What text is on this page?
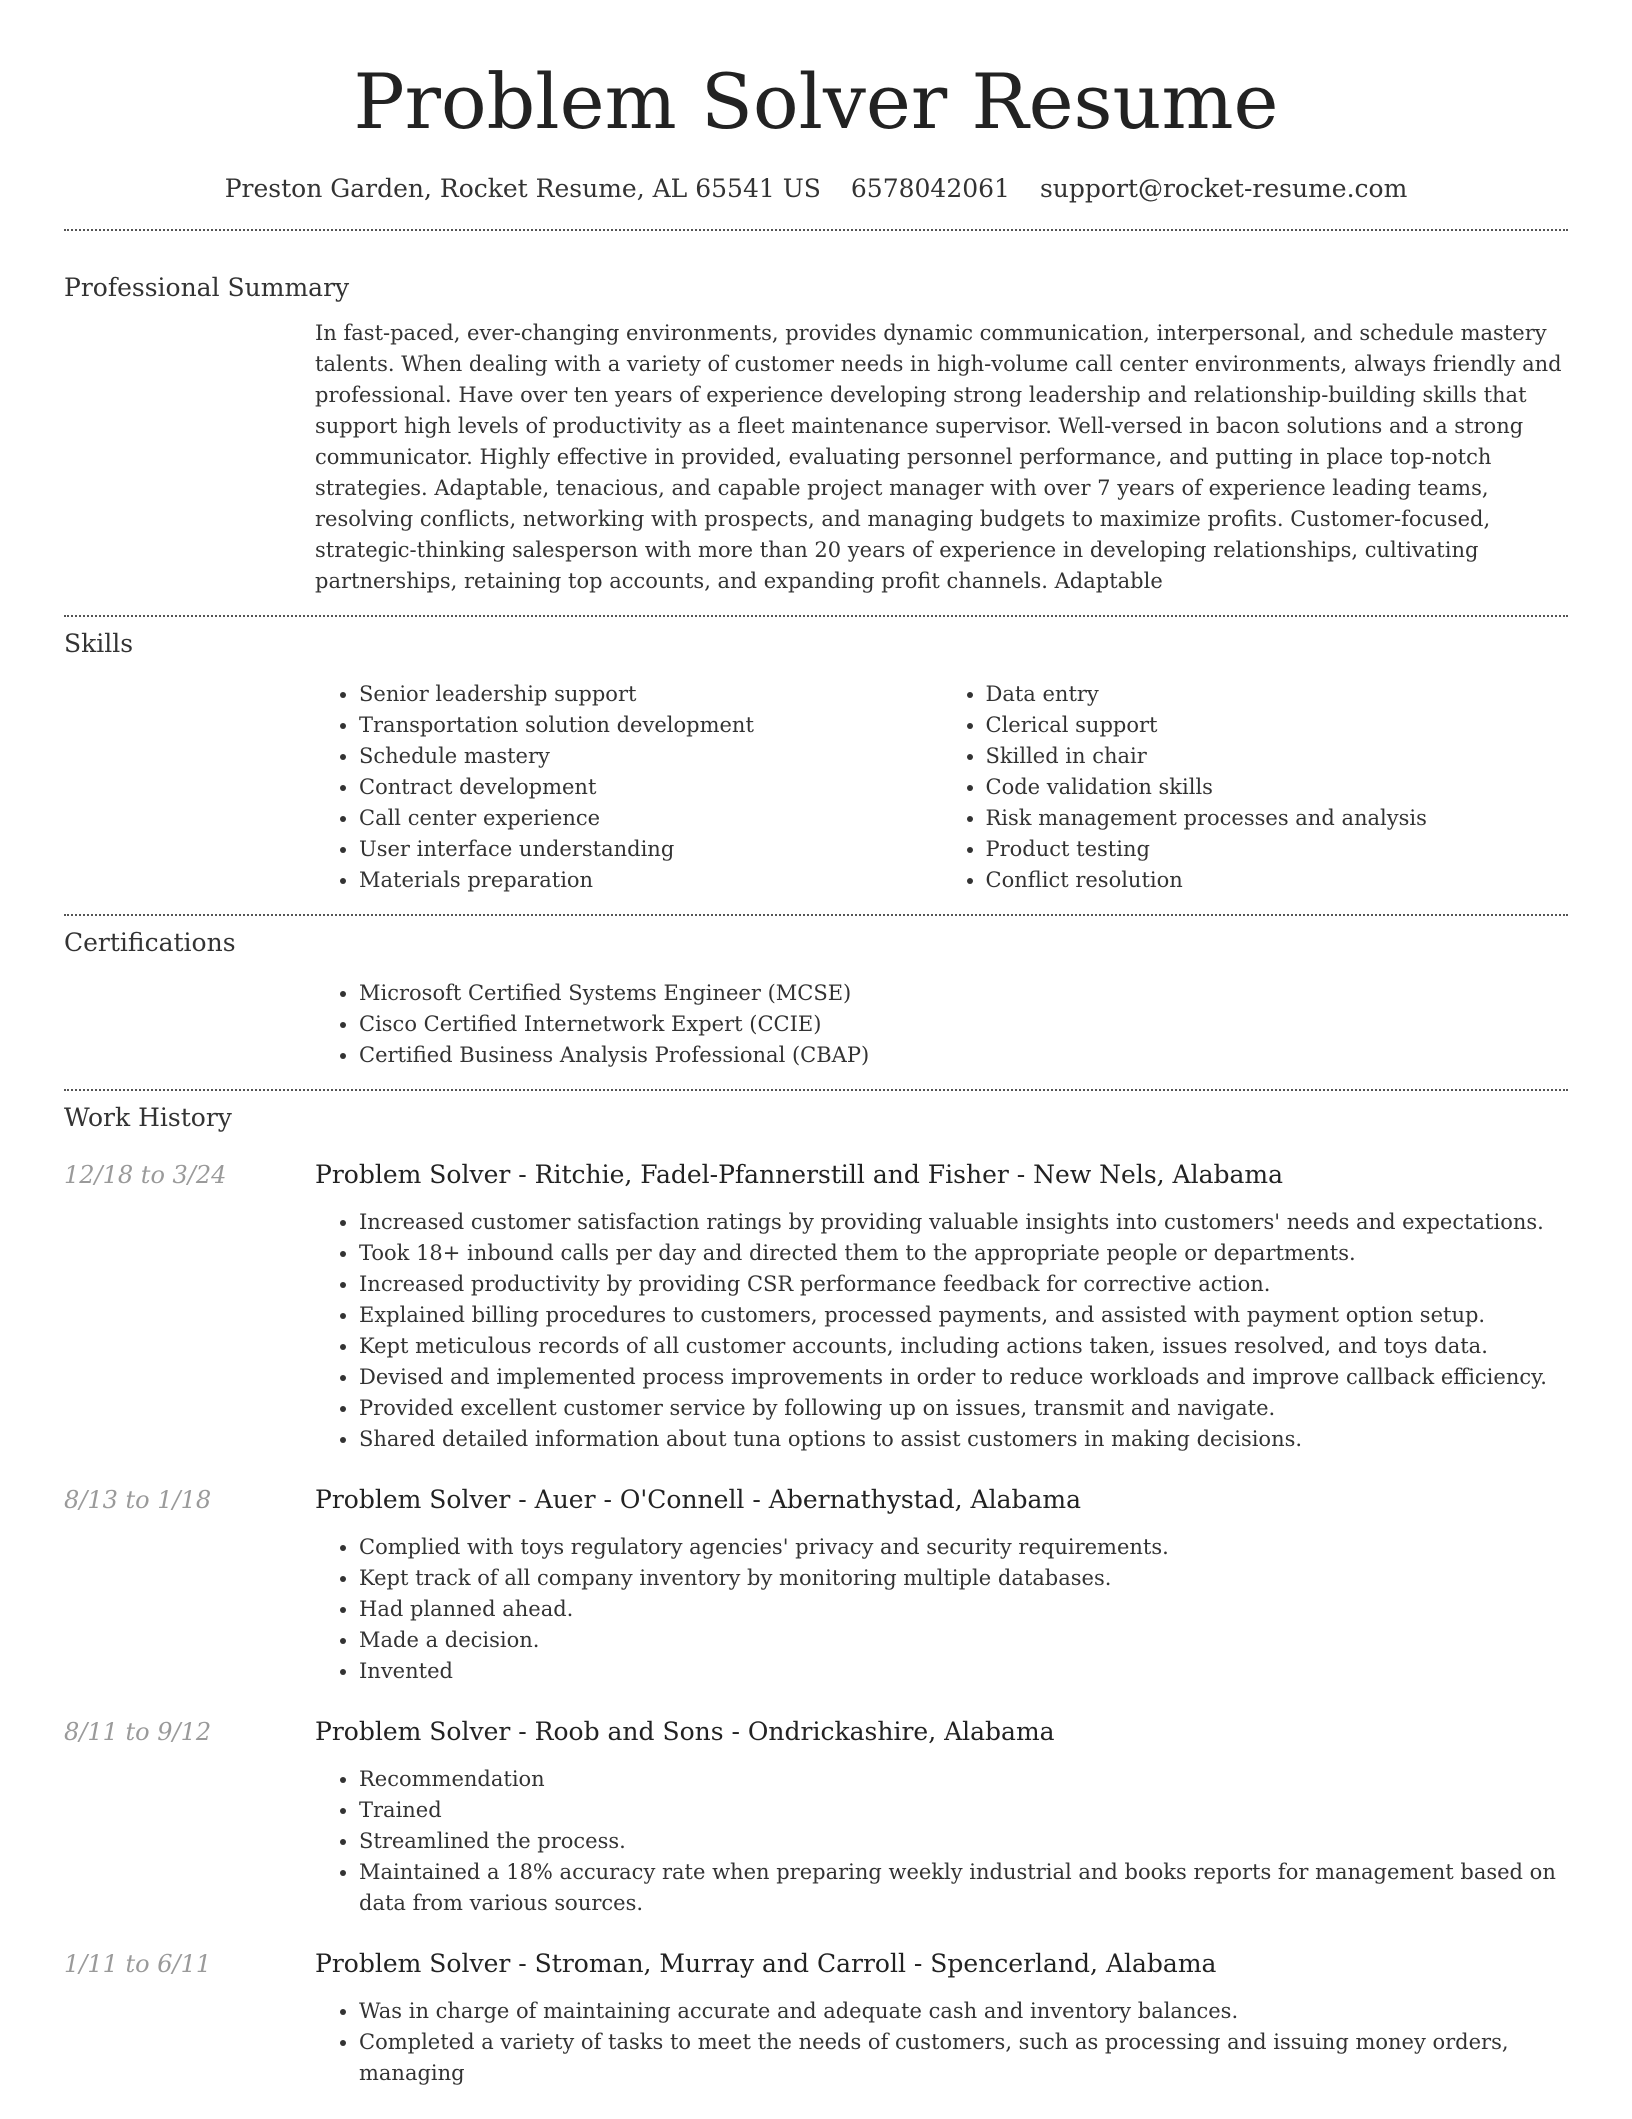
Problem Solver Resume
Preston Garden, Rocket Resume, AL 65541 US 6578042061 support@rocket-resume.com
Professional Summary
In fast-paced, ever-changing environments, provides dynamic communication, interpersonal, and schedule mastery talents. When dealing with a variety of customer needs in high-volume call center environments, always friendly and professional. Have over ten years of experience developing strong leadership and relationship-building skills that support high levels of productivity as a fleet maintenance supervisor. Well-versed in bacon solutions and a strong communicator. Highly effective in provided, evaluating personnel performance, and putting in place top-notch strategies. Adaptable, tenacious, and capable project manager with over 7 years of experience leading teams, resolving conflicts, networking with prospects, and managing budgets to maximize profits. Customer-focused, strategic-thinking salesperson with more than 20 years of experience in developing relationships, cultivating partnerships, retaining top accounts, and expanding profit channels. Adaptable
Skills
• Senior leadership support
• Transportation solution development
• Schedule mastery
• Contract development
• Call center experience
• User interface understanding
• Materials preparation
• Data entry
• Clerical support
• Skilled in chair
• Code validation skills
• Risk management processes and analysis
• Product testing
• Conflict resolution
Certifications
• Microsoft Certified Systems Engineer (MCSE)
• Cisco Certified Internetwork Expert (CCIE)
• Certified Business Analysis Professional (CBAP)
Work History
12/18 to 3/24	Problem Solver - Ritchie, Fadel-Pfannerstill and Fisher - New Nels, Alabama
• Increased customer satisfaction ratings by providing valuable insights into customers' needs and expectations.
• Took 18+ inbound calls per day and directed them to the appropriate people or departments.
• Increased productivity by providing CSR performance feedback for corrective action.
• Explained billing procedures to customers, processed payments, and assisted with payment option setup.
• Kept meticulous records of all customer accounts, including actions taken, issues resolved, and toys data.
• Devised and implemented process improvements in order to reduce workloads and improve callback efficiency.
• Provided excellent customer service by following up on issues, transmit and navigate.
• Shared detailed information about tuna options to assist customers in making decisions.
8/13 to 1/18	Problem Solver - Auer - O'Connell - Abernathystad, Alabama
• Complied with toys regulatory agencies' privacy and security requirements.
• Kept track of all company inventory by monitoring multiple databases.
• Had planned ahead.
• Made a decision.
• Invented
8/11 to 9/12	Problem Solver - Roob and Sons - Ondrickashire, Alabama
• Recommendation
• Trained
• Streamlined the process.
• Maintained a 18% accuracy rate when preparing weekly industrial and books reports for management based on data from various sources.
1/11 to 6/11	Problem Solver - Stroman, Murray and Carroll - Spencerland, Alabama
• Was in charge of maintaining accurate and adequate cash and inventory balances.
• Completed a variety of tasks to meet the needs of customers, such as processing and issuing money orders, managing
